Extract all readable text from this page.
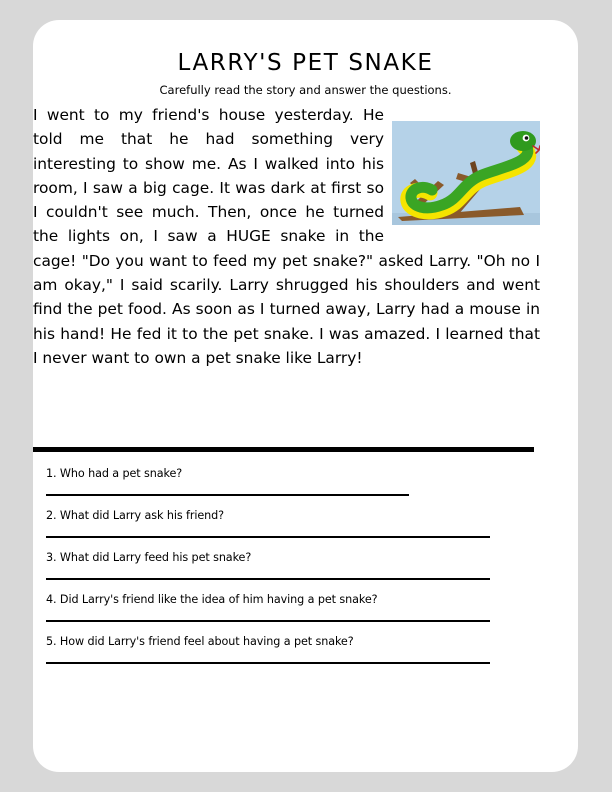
LARRY'S PET SNAKE
Carefully read the story and answer the questions.

I went to my friend's house yesterday. He told me that he had something very interesting to show me. As I walked into his room, I saw a big cage. It was dark at first so I couldn't see much. Then, once he turned the lights on, I saw a HUGE snake in the cage! "Do you want to feed my pet snake?" asked Larry. "Oh no I am okay," I said scarily. Larry shrugged his shoulders and went find the pet food. As soon as I turned away, Larry had a mouse in his hand! He fed it to the pet snake. I was amazed. I learned that I never want to own a pet snake like Larry!

1. Who had a pet snake?
2. What did Larry ask his friend?
3. What did Larry feed his pet snake?
4. Did Larry's friend like the idea of him having a pet snake?
5. How did Larry's friend feel about having a pet snake?
